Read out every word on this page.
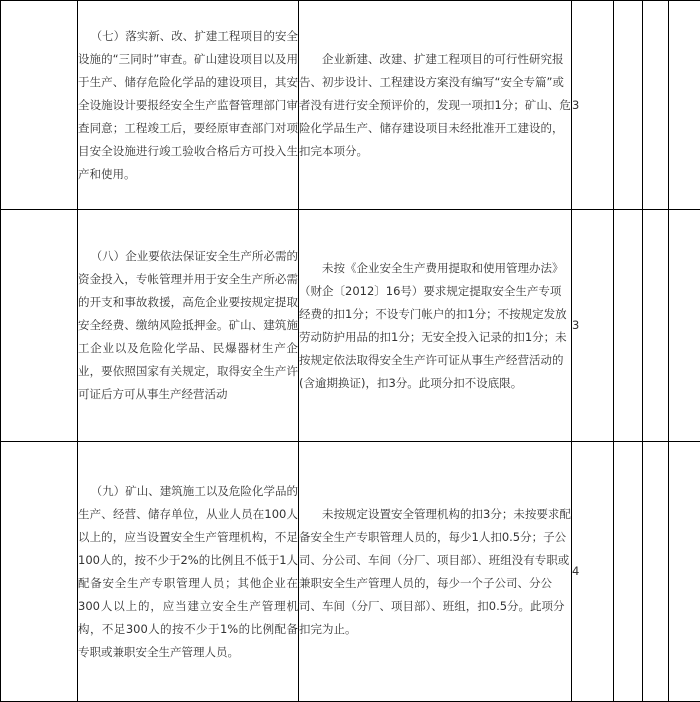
	（七）落实新、改、扩建工程项目的安全设施的“三同时”审查。矿山建设项目以及用于生产、储存危险化学品的建设项目，其安全设施设计要报经安全生产监督管理部门审查同意；工程竣工后，要经原审查部门对项目安全设施进行竣工验收合格后方可投入生产和使用。	企业新建、改建、扩建工程项目的可行性研究报告、初步设计、工程建设方案没有编写“安全专篇”或者没有进行安全预评价的，发现一项扣1分；矿山、危险化学品生产、储存建设项目未经批准开工建设的，扣完本项分。	3			

	（八）企业要依法保证安全生产所必需的资金投入，专帐管理并用于安全生产所必需的开支和事故救援，高危企业要按规定提取安全经费、缴纳风险抵押金。矿山、建筑施工企业以及危险化学品、民爆器材生产企业，要依照国家有关规定，取得安全生产许可证后方可从事生产经营活动	未按《企业安全生产费用提取和使用管理办法》（财企〔2012〕16号）要求规定提取安全生产专项经费的扣1分；不设专门帐户的扣1分；不按规定发放劳动防护用品的扣1分；无安全投入记录的扣1分；未按规定依法取得安全生产许可证从事生产经营活动的(含逾期换证)，扣3分。此项分扣不设底限。	3			

	（九）矿山、建筑施工以及危险化学品的生产、经营、储存单位，从业人员在100人以上的，应当设置安全生产管理机构，不足100人的，按不少于2%的比例且不低于1人配备安全生产专职管理人员；其他企业在300人以上的，应当建立安全生产管理机构，不足300人的按不少于1%的比例配备专职或兼职安全生产管理人员。	未按规定设置安全管理机构的扣3分；未按要求配备安全生产专职管理人员的，每少1人扣0.5分；子公司、分公司、车间（分厂、项目部）、班组没有专职或兼职安全生产管理人员的，每少一个子公司、分公司、车间（分厂、项目部）、班组，扣0.5分。此项分扣完为止。	4			
